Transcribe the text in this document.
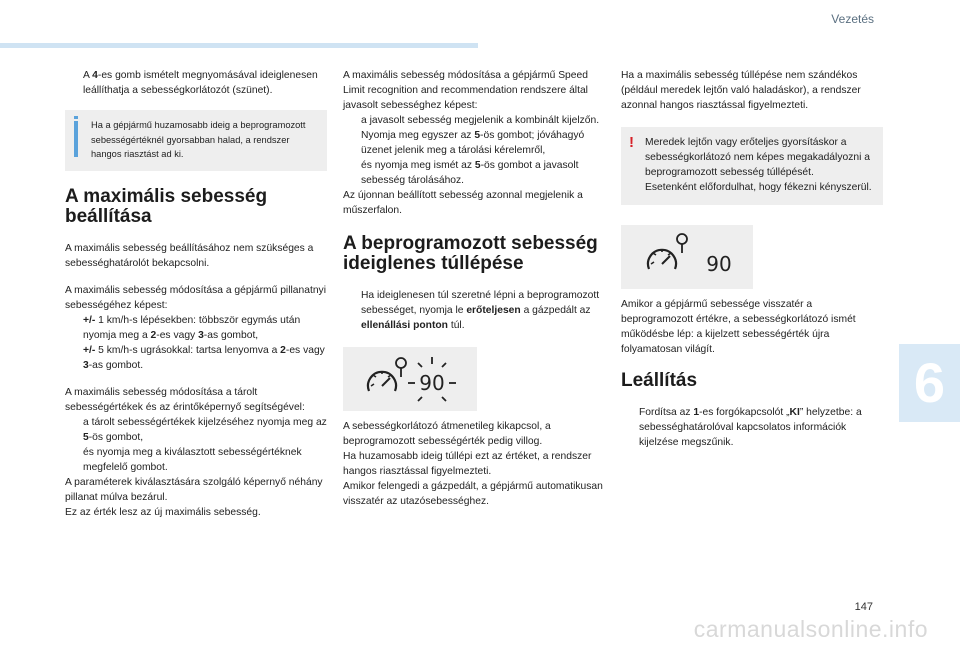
Vezetés

A 4-es gomb ismételt megnyomásával ideiglenesen leállíthatja a sebességkorlátozót (szünet).

Ha a gépjármű huzamosabb ideig a beprogramozott sebességértéknél gyorsabban halad, a rendszer hangos riasztást ad ki.
A maximális sebesség beállítása

A maximális sebesség beállításához nem szükséges a sebességhatárolót bekapcsolni.

A maximális sebesség módosítása a gépjármű pillanatnyi sebességéhez képest:

+/- 1 km/h-s lépésekben: többször egymás után nyomja meg a 2-es vagy 3-as gombot,

+/- 5 km/h-s ugrásokkal: tartsa lenyomva a 2-es vagy 3-as gombot.

A maximális sebesség módosítása a tárolt sebességértékek és az érintőképernyő segítségével:

a tárolt sebességértékek kijelzéséhez nyomja meg az 5-ös gombot,
és nyomja meg a kiválasztott sebességértéknek megfelelő gombot.
A paraméterek kiválasztására szolgáló képernyő néhány pillanat múlva bezárul.
Ez az érték lesz az új maximális sebesség.
A maximális sebesség módosítása a gépjármű Speed Limit recognition and recommendation rendszere által javasolt sebességhez képest:
a javasolt sebesség megjelenik a kombinált kijelzőn.
Nyomja meg egyszer az 5-ös gombot; jóváhagyó üzenet jelenik meg a tárolási kérelemről,
és nyomja meg ismét az 5-ös gombot a javasolt sebesség tárolásához.

Az újonnan beállított sebesség azonnal megjelenik a műszerfalon.

A beprogramozott sebesség ideiglenes túllépése

Ha ideiglenesen túl szeretné lépni a beprogramozott sebességet, nyomja le erőteljesen a gázpedált az ellenállási ponton túl.

90
A sebességkorlátozó átmenetileg kikapcsol, a beprogramozott sebességérték pedig villog.
Ha huzamosabb ideig túllépi ezt az értéket, a rendszer hangos riasztással figyelmezteti.
Amikor felengedi a gázpedált, a gépjármű automatikusan visszatér az utazósebességhez.

Ha a maximális sebesség túllépése nem szándékos (például meredek lejtőn való haladáskor), a rendszer azonnal hangos riasztással figyelmezteti.

! Meredek lejtőn vagy erőteljes gyorsításkor a sebességkorlátozó nem képes megakadályozni a beprogramozott sebesség túllépését.
Esetenként előfordulhat, hogy fékezni kényszerül.
90

Amikor a gépjármű sebessége visszatér a beprogramozott értékre, a sebességkorlátozó ismét működésbe lép: a kijelzett sebességérték újra folyamatosan világít.

Leállítás
Fordítsa az 1-es forgókapcsolót „KI” helyzetbe: a sebességhatárolóval kapcsolatos információk kijelzése megszűnik.
6
147
carmanualsonline.info
